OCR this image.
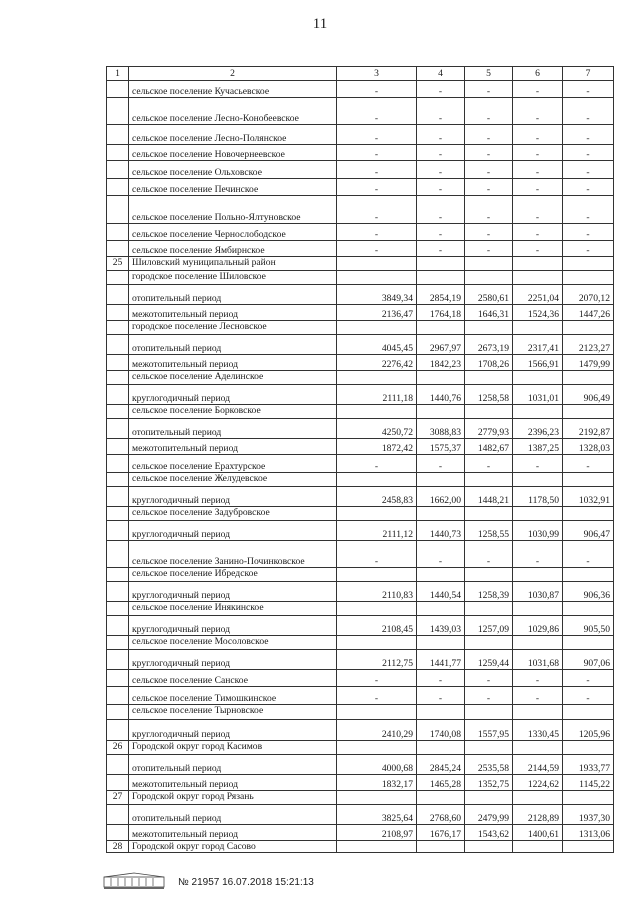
11
1	2	3	4	5	6	7
	сельское поселение Кучасьевское	-	-	-	-	-
	сельское поселение Лесно-Конобеевское	-	-	-	-	-
	сельское поселение Лесно-Полянское	-	-	-	-	-
	сельское поселение Новочернеевское	-	-	-	-	-
	сельское поселение Ольховское	-	-	-	-	-
	сельское поселение Печинское	-	-	-	-	-
	сельское поселение Польно-Ялтуновское	-	-	-	-	-
	сельское поселение Чернослободское	-	-	-	-	-
	сельское поселение Ямбирнское	-	-	-	-	-
25	Шиловский муниципальный район					
	городское поселение Шиловское					
	отопительный период	3849,34	2854,19	2580,61	2251,04	2070,12
	межотопительный период	2136,47	1764,18	1646,31	1524,36	1447,26
	городское поселение Лесновское					
	отопительный период	4045,45	2967,97	2673,19	2317,41	2123,27
	межотопительный период	2276,42	1842,23	1708,26	1566,91	1479,99
	сельское поселение Аделинское					
	круглогодичный период	2111,18	1440,76	1258,58	1031,01	906,49
	сельское поселение Борковское					
	отопительный период	4250,72	3088,83	2779,93	2396,23	2192,87
	межотопительный период	1872,42	1575,37	1482,67	1387,25	1328,03
	сельское поселение Ерахтурское	-	-	-	-	-
	сельское поселение Желудевское					
	круглогодичный период	2458,83	1662,00	1448,21	1178,50	1032,91
	сельское поселение Задубровское					
	круглогодичный период	2111,12	1440,73	1258,55	1030,99	906,47
	сельское поселение Занино-Починковское	-	-	-	-	-
	сельское поселение Ибредское					
	круглогодичный период	2110,83	1440,54	1258,39	1030,87	906,36
	сельское поселение Инякинское					
	круглогодичный период	2108,45	1439,03	1257,09	1029,86	905,50
	сельское поселение Мосоловское					
	круглогодичный период	2112,75	1441,77	1259,44	1031,68	907,06
	сельское поселение Санское	-	-	-	-	-
	сельское поселение Тимошкинское	-	-	-	-	-
	сельское поселение Тырновское					
	круглогодичный период	2410,29	1740,08	1557,95	1330,45	1205,96
26	Городской округ город Касимов					
	отопительный период	4000,68	2845,24	2535,58	2144,59	1933,77
	межотопительный период	1832,17	1465,28	1352,75	1224,62	1145,22
27	Городской округ город Рязань					
	отопительный период	3825,64	2768,60	2479,99	2128,89	1937,30
	межотопительный период	2108,97	1676,17	1543,62	1400,61	1313,06
28	Городской округ город Сасово					
№ 21957 16.07.2018 15:21:13
